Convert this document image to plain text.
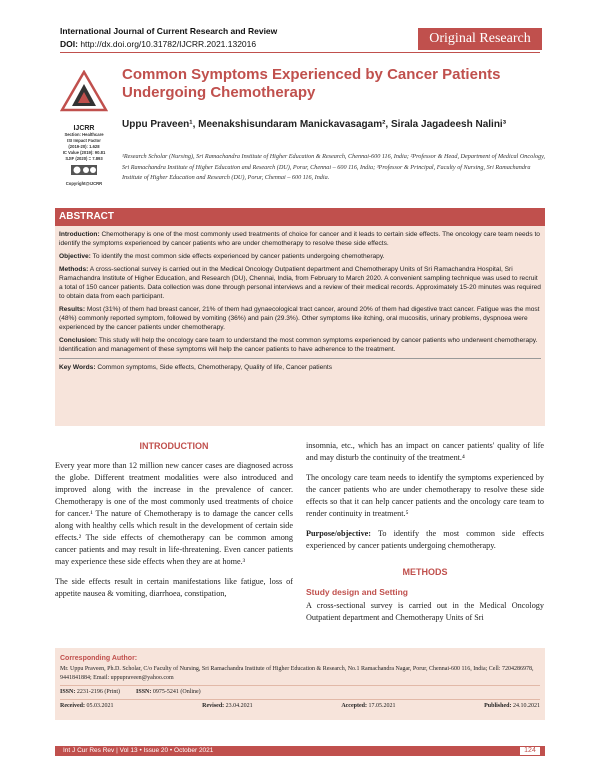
International Journal of Current Research and Review
DOI: http://dx.doi.org/10.31782/IJCRR.2021.132016	Original Research
IJCRR
Section: Healthcare
ISI Impact Factor
(2019-20): 1.628
IC Value (2019): 90.81
SJIF (2020) = 7.893
Copyright@IJCRR
Common Symptoms Experienced by Cancer Patients Undergoing Chemotherapy
Uppu Praveen¹, Meenakshisundaram Manickavasagam², Sirala Jagadeesh Nalini³
¹Research Scholar (Nursing), Sri Ramachandra Institute of Higher Education & Research, Chennai-600 116, India; ²Professor & Head, Department of Medical Oncology, Sri Ramachandra Institute of Higher Education and Research (DU), Porur, Chennai – 600 116, India; ³Professor & Principal, Faculty of Nursing, Sri Ramachandra Institute of Higher Education and Research (DU), Porur, Chennai – 600 116, India.
ABSTRACT

Introduction: Chemotherapy is one of the most commonly used treatments of choice for cancer and it leads to certain side effects. The oncology care team needs to identify the symptoms experienced by cancer patients who are under chemotherapy to resolve these side effects.

Objective: To identify the most common side effects experienced by cancer patients undergoing chemotherapy.

Methods: A cross-sectional survey is carried out in the Medical Oncology Outpatient department and Chemotherapy Units of Sri Ramachandra Hospital, Sri Ramachandra Institute of Higher Education, and Research (DU), Chennai, India, from February to March 2020. A convenient sampling technique was used to recruit a total of 150 cancer patients. Data collection was done through personal interviews and a review of their medical records. Approximately 15-20 minutes was required to obtain data from each participant.

Results: Most (31%) of them had breast cancer, 21% of them had gynaecological tract cancer, around 20% of them had digestive tract cancer. Fatigue was the most (48%) commonly reported symptom, followed by vomiting (36%) and pain (29.3%). Other symptoms like itching, oral mucositis, urinary problems, dyspnoea were experienced by the cancer patients under chemotherapy.

Conclusion: This study will help the oncology care team to understand the most common symptoms experienced by cancer patients who underwent chemotherapy. Identification and management of these symptoms will help the cancer patients to have adherence to the treatment.

Key Words: Common symptoms, Side effects, Chemotherapy, Quality of life, Cancer patients

INTRODUCTION

Every year more than 12 million new cancer cases are diagnosed across the globe. Different treatment modalities were also introduced and improved along with the increase in the prevalence of cancer. Chemotherapy is one of the most commonly used treatments of choice for cancer.¹ The nature of Chemotherapy is to damage the cancer cells along with healthy cells which result in the development of certain side effects.² The side effects of chemotherapy can be common among cancer patients and may result in life-threatening. Even cancer patients may experience these side effects when they are at home.³

The side effects result in certain manifestations like fatigue, loss of appetite nausea & vomiting, diarrhoea, constipation,

insomnia, etc., which has an impact on cancer patients' quality of life and may disturb the continuity of the treatment.⁴

The oncology care team needs to identify the symptoms experienced by the cancer patients who are under chemotherapy to resolve these side effects so that it can help cancer patients and the oncology care team to render continuity in treatment.⁵

Purpose/objective: To identify the most common side effects experienced by cancer patients undergoing chemotherapy.

METHODS
Study design and Setting

A cross-sectional survey is carried out in the Medical Oncology Outpatient department and Chemotherapy Units of Sri

Corresponding Author:
Mr. Uppu Praveen, Ph.D. Scholar, C/o Faculty of Nursing, Sri Ramachandra Institute of Higher Education & Research, No.1 Ramachandra Nagar, Porur, Chennai-600 116, India; Cell: 7204286978, 9441841884; Email: uppupraveen@yahoo.com
ISSN: 2231-2196 (Print)	ISSN: 0975-5241 (Online)
Received: 05.03.2021	Revised: 23.04.2021	Accepted: 17.05.2021	Published: 24.10.2021
Int J Cur Res Rev | Vol 13 • Issue 20 • October 2021	124
